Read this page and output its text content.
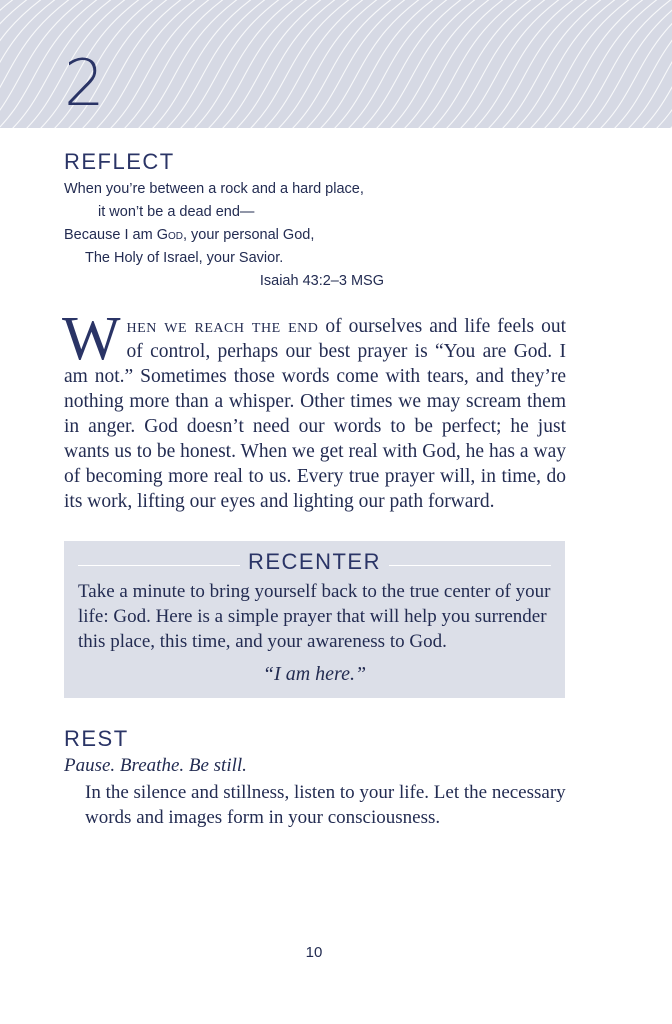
2
REFLECT
When you’re between a rock and a hard place,
it won’t be a dead end—
Because I am God, your personal God,
The Holy of Israel, your Savior.
Isaiah 43:2–3 MSG
When we reach the end of ourselves and life feels out of control, perhaps our best prayer is “You are God. I am not.” Sometimes those words come with tears, and they’re nothing more than a whisper. Other times we may scream them in anger. God doesn’t need our words to be perfect; he just wants us to be honest. When we get real with God, he has a way of becoming more real to us. Every true prayer will, in time, do its work, lifting our eyes and lighting our path forward.
RECENTER
Take a minute to bring yourself back to the true center of your life: God. Here is a simple prayer that will help you surrender this place, this time, and your awareness to God.
“I am here.”
REST
Pause. Breathe. Be still.
In the silence and stillness, listen to your life. Let the necessary words and images form in your consciousness.
10
